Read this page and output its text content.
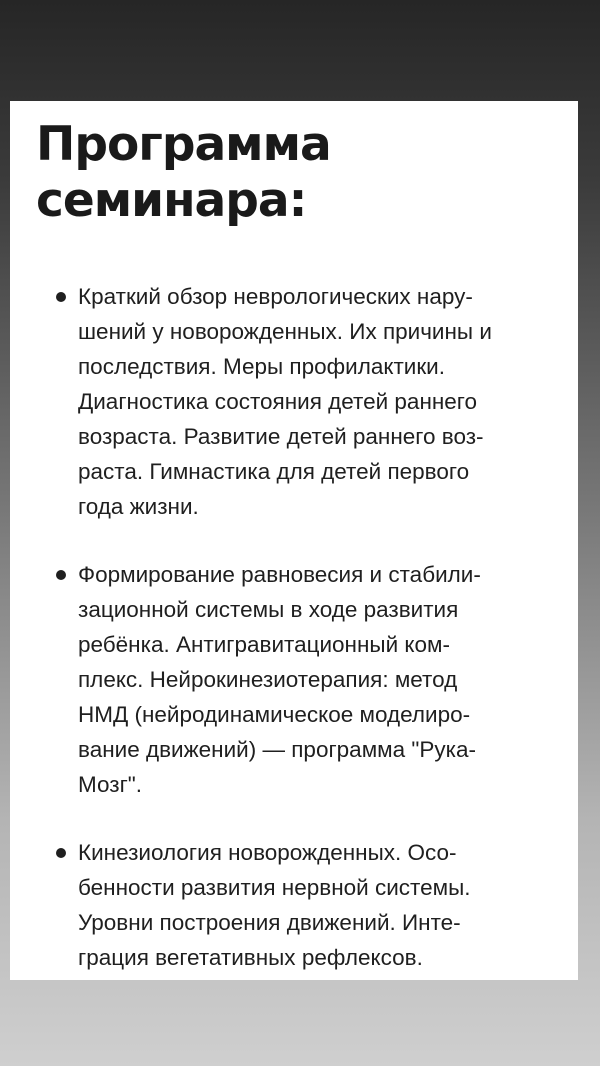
Программа
семинара:
Краткий обзор неврологических нару-
шений у новорожденных. Их причины и
последствия. Меры профилактики.
Диагностика состояния детей раннего
возраста. Развитие детей раннего воз-
раста. Гимнастика для детей первого
года жизни.
Формирование равновесия и стабили-
зационной системы в ходе развития
ребёнка. Антигравитационный ком-
плекс. Нейрокинезиотерапия: метод
НМД (нейродинамическое моделиро-
вание движений) — программа "Рука-
Мозг".
Кинезиология новорожденных. Осо-
бенности развития нервной системы.
Уровни построения движений. Инте-
грация вегетативных рефлексов.
